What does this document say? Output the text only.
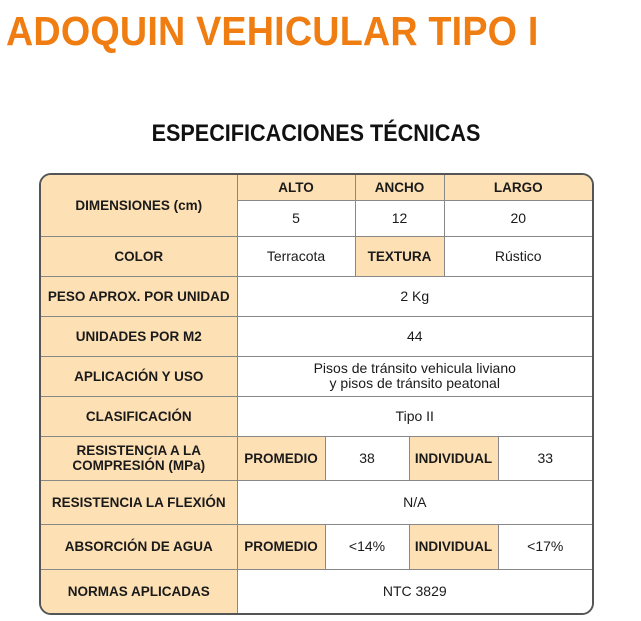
ADOQUIN VEHICULAR TIPO I
ESPECIFICACIONES TÉCNICAS
DIMENSIONES (cm)	ALTO		ANCHO		LARGO	
	5		12		20	
COLOR	Terracota		TEXTURA		Rústico	
PESO APROX. POR UNIDAD	2 Kg					
UNIDADES POR M2	44					
APLICACIÓN Y USO	Pisos de tránsito vehicula liviano
y pisos de tránsito peatonal					

CLASIFICACIÓN	Tipo II					

RESISTENCIA A LA
COMPRESIÓN (MPa)	PROMEDIO	38		INDIVIDUAL		33
RESISTENCIA LA FLEXIÓN	N/A					
ABSORCIÓN DE AGUA	PROMEDIO	<14%		INDIVIDUAL		<17%
NORMAS APLICADAS	NTC 3829					
